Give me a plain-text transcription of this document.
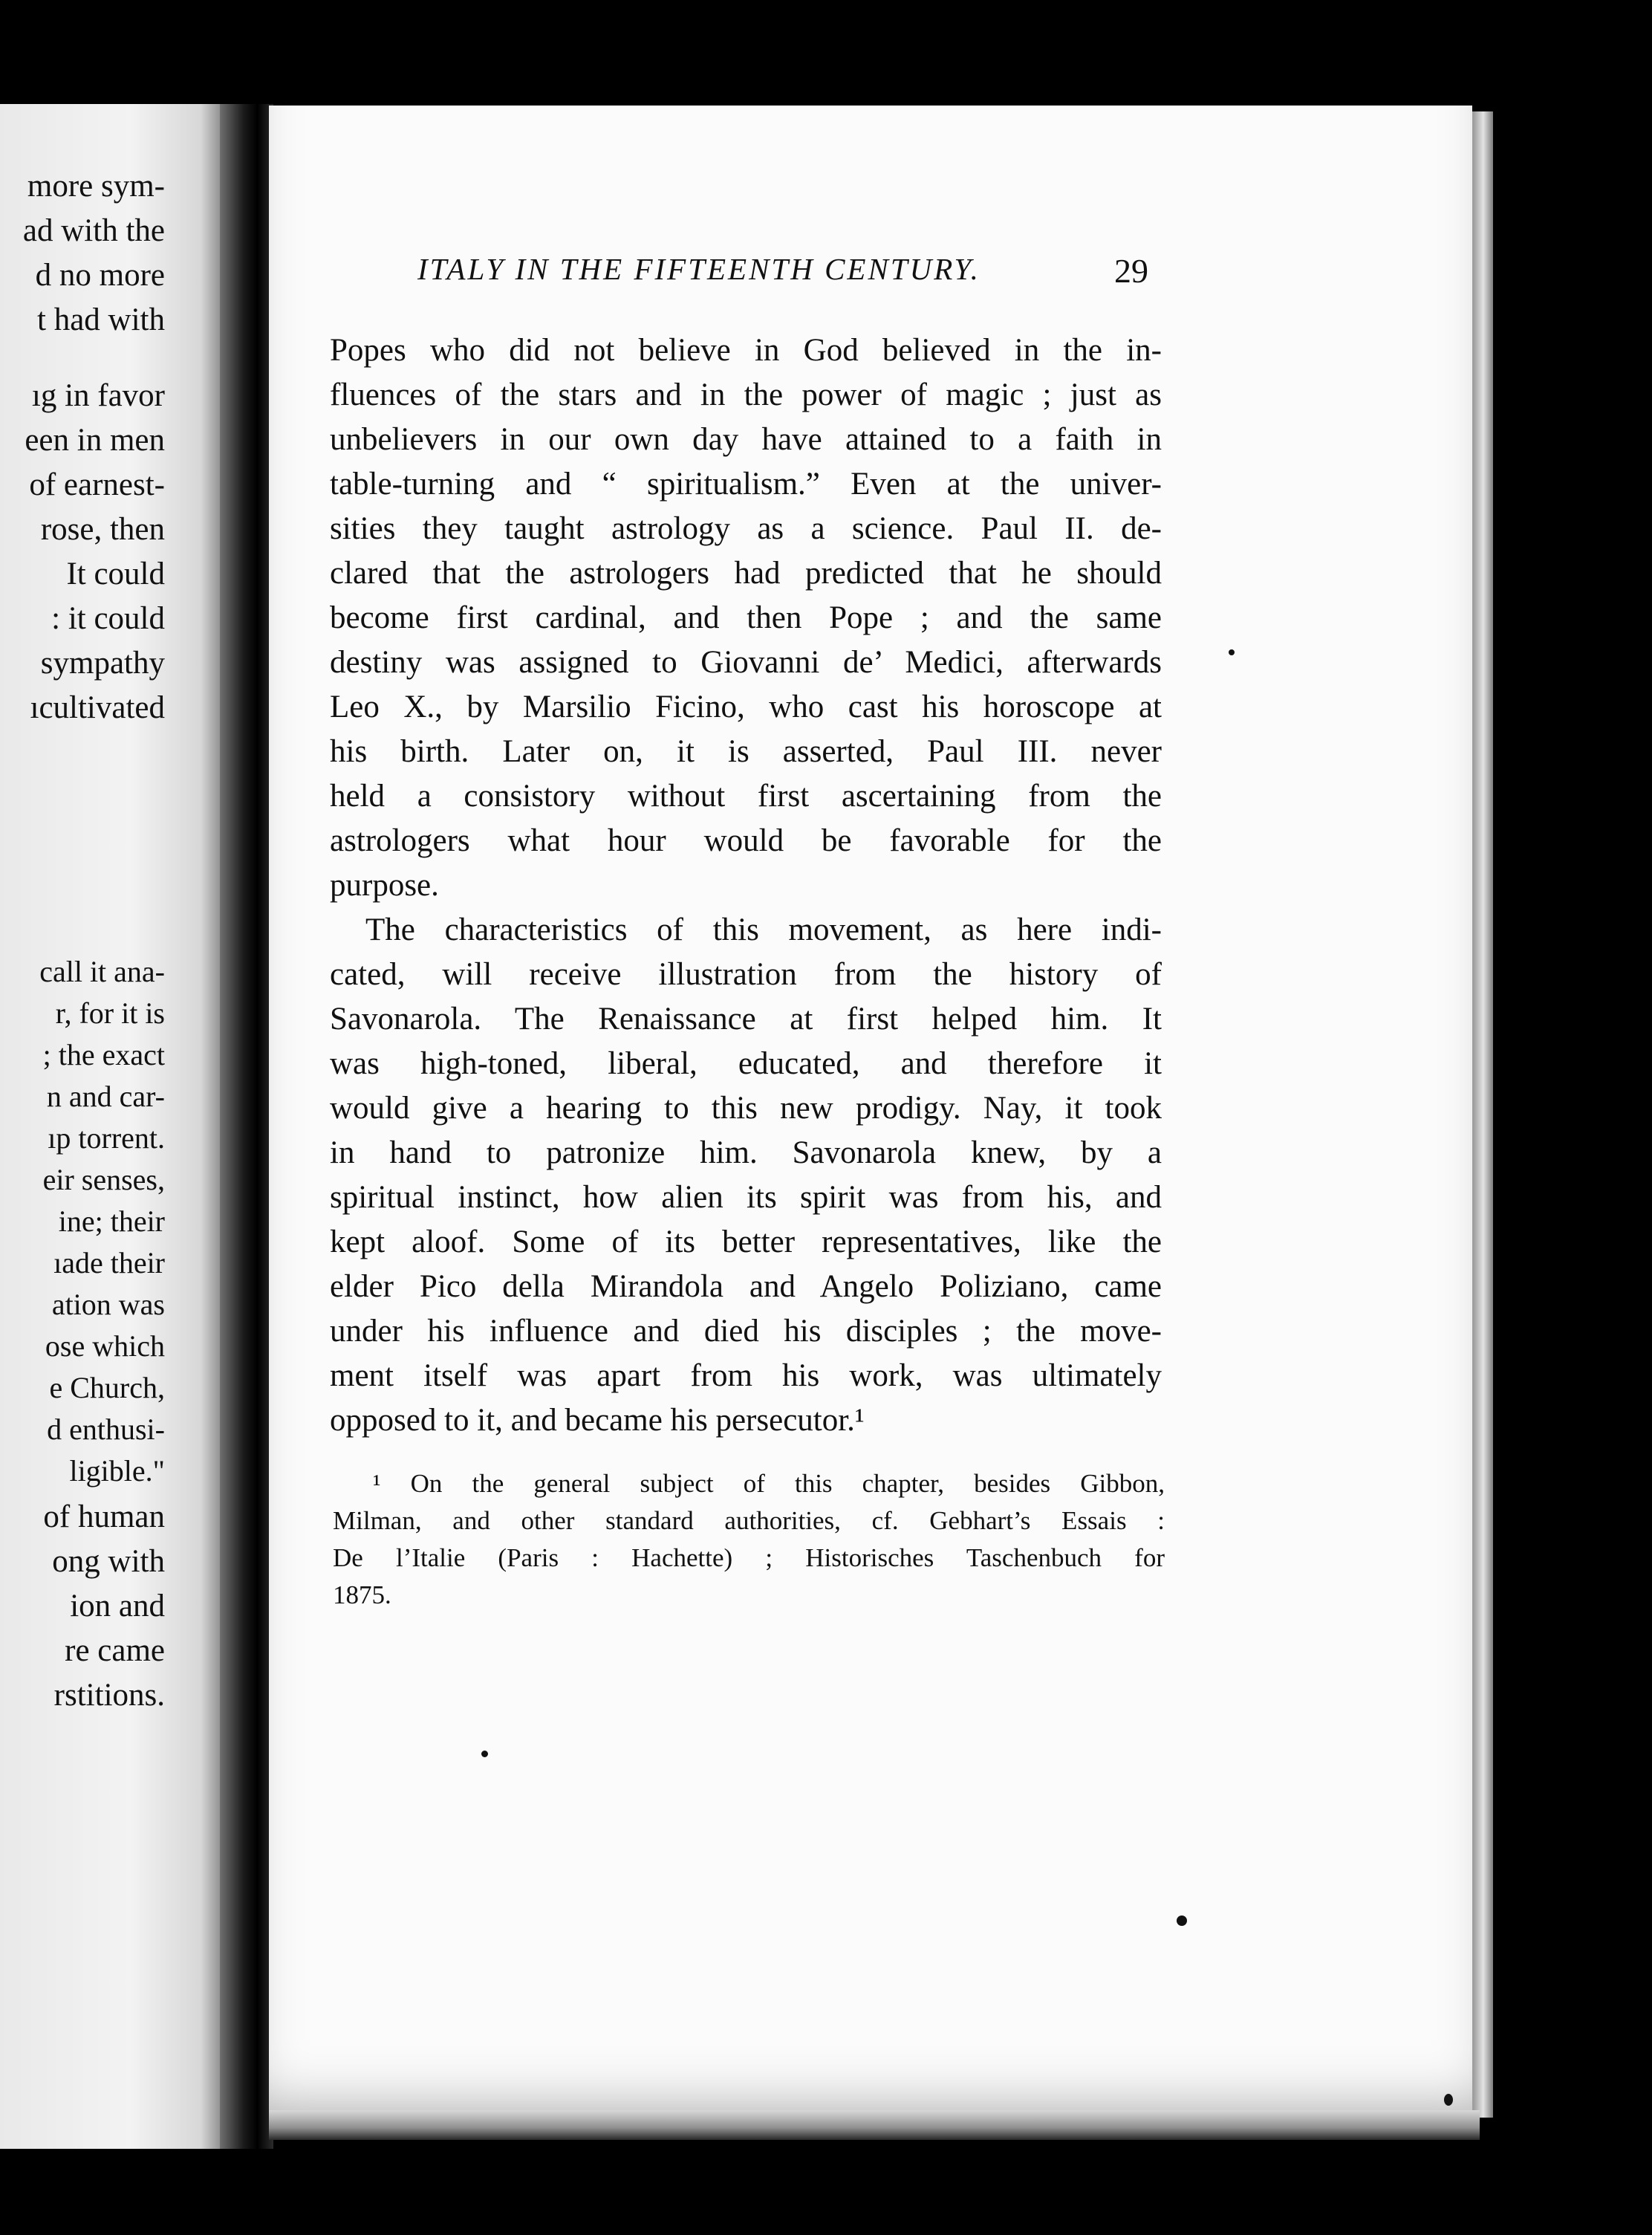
more sym-
ad with the
d no more
t had with
ıg in favor
een in men
of earnest-
rose, then
It could
: it could
sympathy
ıcultivated
call it ana-
r, for it is
; the exact
n and car-
ıp torrent.
eir senses,
ine; their
ıade their
ation was
ose which
e Church,
d enthusi-
ligible."
of human
ong with
ion and
re came
rstitions.
ITALY IN THE FIFTEENTH CENTURY.	29
Popes who did not believe in God believed in the in-
fluences of the stars and in the power of magic ; just as
unbelievers in our own day have attained to a faith in
table-turning and “ spiritualism.” Even at the univer-
sities they taught astrology as a science. Paul II. de-
clared that the astrologers had predicted that he should
become first cardinal, and then Pope ; and the same
destiny was assigned to Giovanni de’ Medici, afterwards
Leo X., by Marsilio Ficino, who cast his horoscope at
his birth. Later on, it is asserted, Paul III. never
held a consistory without first ascertaining from the
astrologers what hour would be favorable for the
purpose.
The characteristics of this movement, as here indi-
cated, will receive illustration from the history of
Savonarola. The Renaissance at first helped him. It
was high-toned, liberal, educated, and therefore it
would give a hearing to this new prodigy. Nay, it took
in hand to patronize him. Savonarola knew, by a
spiritual instinct, how alien its spirit was from his, and
kept aloof. Some of its better representatives, like the
elder Pico della Mirandola and Angelo Poliziano, came
under his influence and died his disciples ; the move-
ment itself was apart from his work, was ultimately
opposed to it, and became his persecutor.¹
¹ On the general subject of this chapter, besides Gibbon,
Milman, and other standard authorities, cf. Gebhart’s Essais :
De l’Italie (Paris : Hachette) ; Historisches Taschenbuch for
1875.
